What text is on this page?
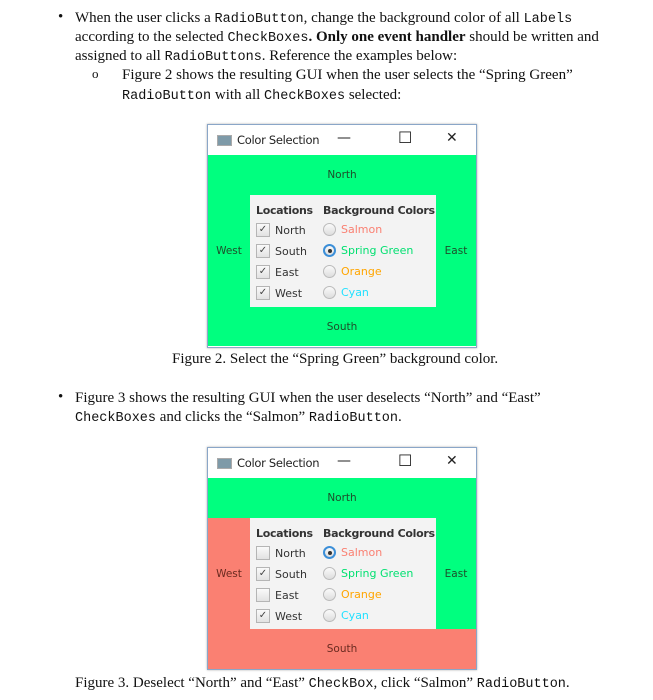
• When the user clicks a RadioButton, change the background color of all Labels
according to the selected CheckBoxes. Only one event handler should be written and
assigned to all RadioButtons. Reference the examples below:
o Figure 2 shows the resulting GUI when the user selects the “Spring Green”
RadioButton with all CheckBoxes selected:
Color Selection —	☐ ✕
North
West	East
South
Locations Background Colors
✓ North
✓ South
✓ East
✓ West
Salmon
Spring Green
Orange
Cyan
Figure 2. Select the “Spring Green” background color.
• Figure 3 shows the resulting GUI when the user deselects “North” and “East”
CheckBoxes and clicks the “Salmon” RadioButton.
Color Selection —	☐ ✕
North
West	East
South
Locations Background Colors
North
✓ South
East
✓ West
Salmon
Spring Green
Orange
Cyan
Figure 3. Deselect “North” and “East” CheckBox, click “Salmon” RadioButton.
